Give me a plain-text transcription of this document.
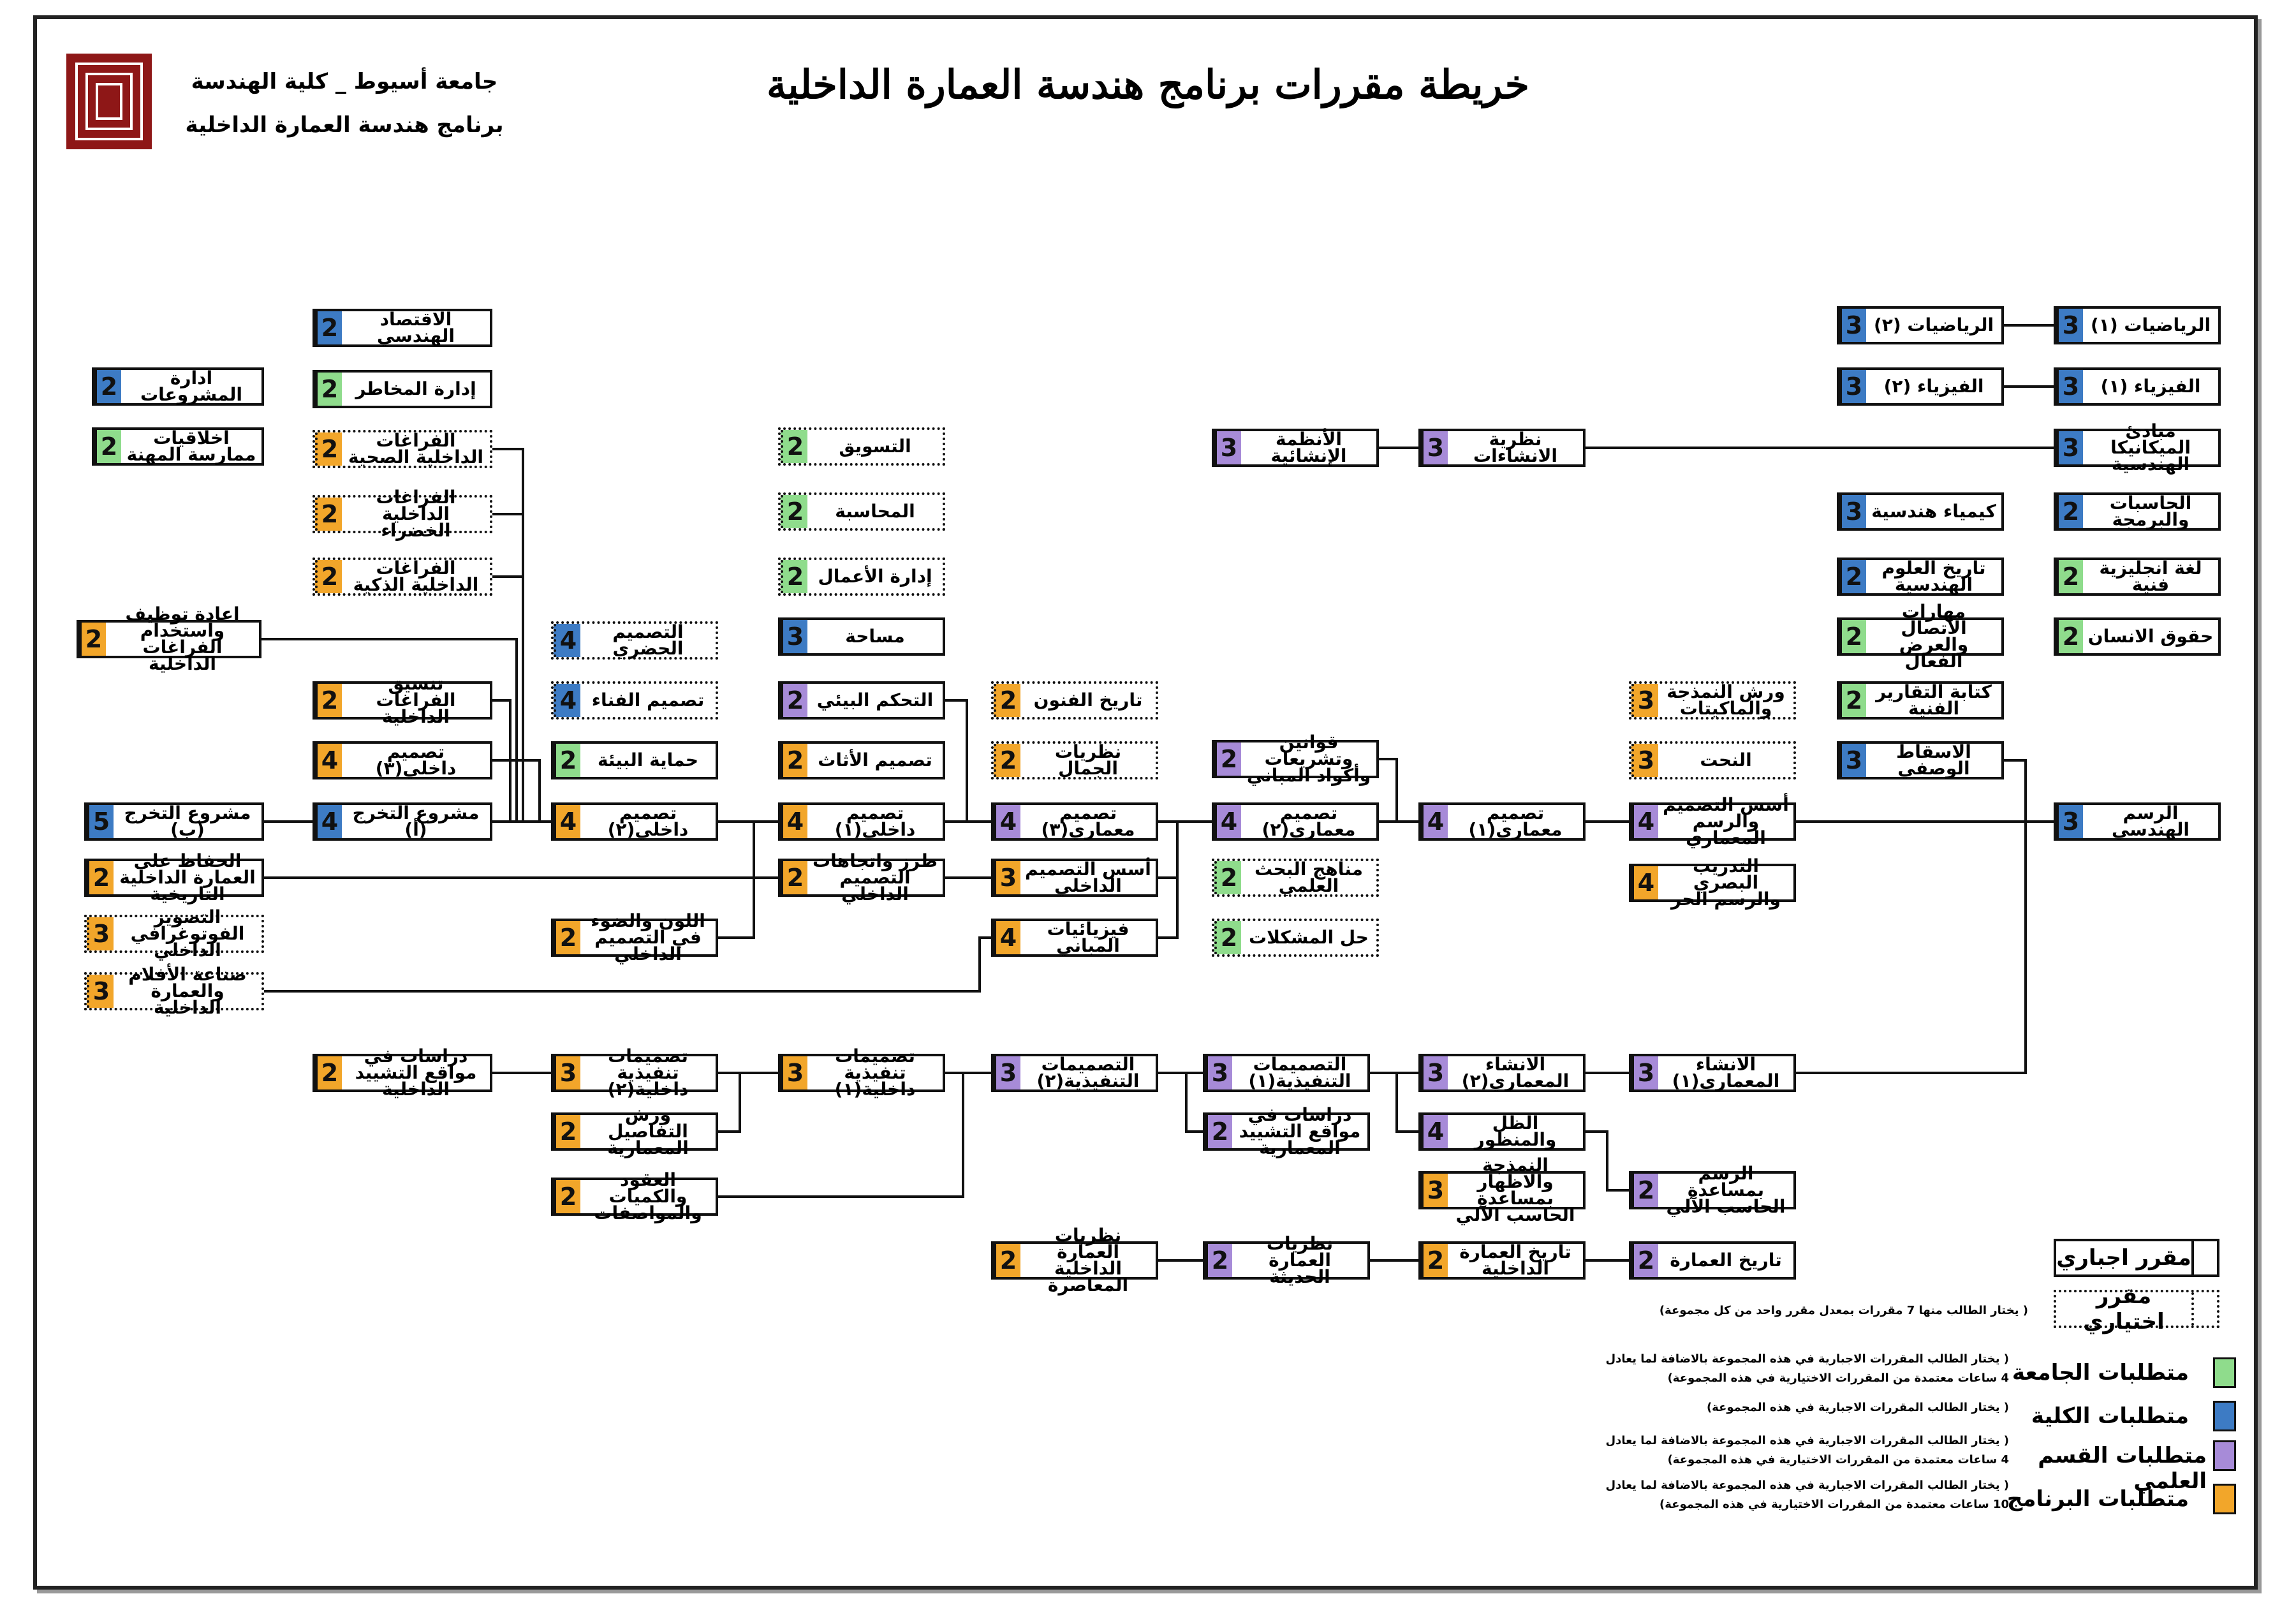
جامعة أسيوط _ كلية الهندسة
برنامج هندسة العمارة الداخلية
خريطة مقررات برنامج هندسة العمارة الداخلية
3 الرياضيات (١)
3 الرياضيات (٢)
3	الفيزياء (١)
3	الفيزياء (٢)
3
مبادئ الميكانيكا الهندسية
3	نظرية الانشاءات
3	الأنظمة الإنشائية
3 كيمياء هندسية	2	الحاسبات والبرمجة
2	تاريخ العلوم الهندسية	2	لغة انجليزية فنية
2
مهارات الاتصال والعرض الفعال
2 حقوق الانسان
2 كتابة التقارير الفنية
3	الاسقاط الوصفي
3	الرسم الهندسي
3 ورش النمذجة والماكيتات
3	النحت
4
أسس التصميم والرسم المعماري
4
التدريب البصري والرسم الحر
4	تصميم معماري(١)
2
قوانين وتشريعات وأكواد المباني
4	تصميم معماري(٢)
2 مناهج البحث العلمي
2 حل المشكلات
2	التسويق
2	المحاسبة
2 إدارة الأعمال
3	مساحة
2 التحكم البيئي	2 تاريخ الفنون
2 تصميم الأثاث	2	نظريات الجمال
4	تصميم داخلي(١)	4	تصميم معماري(٣)
2
طرز واتجاهات التصميم الداخلي
3 أسس التصميم الداخلي
4	فيزيائيات المباني
2
اللون والضوء في التصميم الداخلي
4	التصميم الحضري
4 تصميم الفناء
2	حماية البيئة
4	تصميم داخلي(٢)
2	الاقتصاد الهندسي
2 إدارة المخاطر
2	ادارة المشروعات
2	اخلاقيات ممارسة المهنة	2	الفراغات الداخلية الصحية
2
الفراغات الداخلية الخضراء
2	الفراغات الداخلية الذكية
2
اعادة توظيف واستخدام الفراغات الداخلية
2
تنسيق الفراغات الداخلية
4	تصميم داخلي(٣)
4 مشروع التخرج (أ)
5 مشروع التخرج (ب)
2
الحفاظ على العمارة الداخلية التاريخية
3
التصوير الفوتوغرافي الداخلي
3
صناعة الأفلام والعمارة الداخلية
3	الانشاء المعماري(١)
3	الانشاء المعماري(٢)
4	الظل والمنظور
2
الرسم بمساعدة الحاسب الآلي
3
النمذجة والاظهار بمساعدة الحاسب الآلي
3	التصميمات التنفيذية(١)
2
دراسات في مواقع التشييد المعمارية
3	التصميمات التنفيذية(٢)
3
تصميمات تنفيذية داخلية(١)
2
ورش التفاصيل المعمارية
2
العقود والكميات والمواصفات
3
تصميمات تنفيذية داخلية(٢)
2
دراسات في مواقع التشييد الداخلية
2 تاريخ العمارة
2 تاريخ العمارة الداخلية
2
نظريات العمارة الحديثة
2
نظريات العمارة الداخلية المعاصرة
مقرر اجباري
مقرر اختياري
( يختار الطالب منها 7 مقررات بمعدل مقرر واحد من كل مجموعة)
متطلبات الجامعة
( يختار الطالب المقررات الاجبارية في هذه المجموعة بالاضافة لما يعادل
4 ساعات معتمدة من المقررات الاختيارية في هذه المجموعة)
متطلبات الكلية
( يختار الطالب المقررات الاجبارية في هذه المجموعة)
متطلبات القسم العلمي
( يختار الطالب المقررات الاجبارية في هذه المجموعة بالاضافة لما يعادل
4 ساعات معتمدة من المقررات الاختيارية في هذه المجموعة)
متطلبات البرنامج
( يختار الطالب المقررات الاجبارية في هذه المجموعة بالاضافة لما يعادل
10 ساعات معتمدة من المقررات الاختيارية في هذه المجموعة)
